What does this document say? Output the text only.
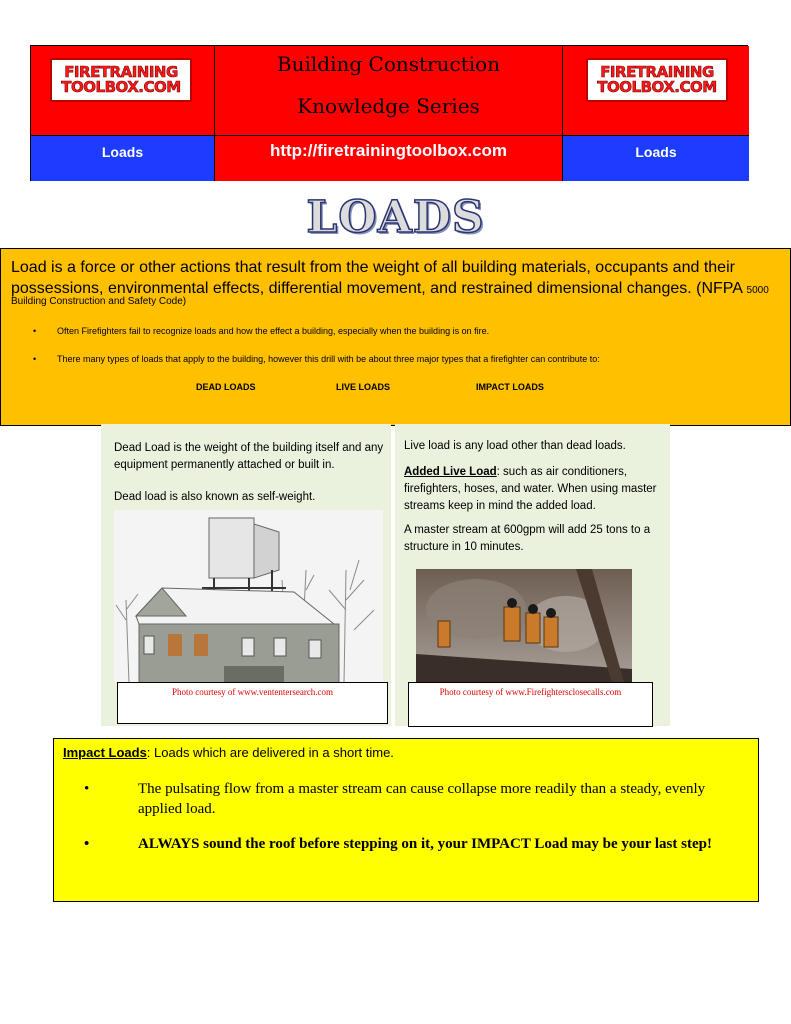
FIRETRAINING
TOOLBOX.COM
Building Construction
Knowledge Series
FIRETRAINING
TOOLBOX.COM
Loads	http://firetrainingtoolbox.com	Loads
LOADS
Load is a force or other actions that result from the weight of all building materials, occupants and their possessions, environmental effects, differential movement, and restrained dimensional changes. (NFPA 5000
Building Construction and Safety Code)
• Often Firefighters fail to recognize loads and how the effect a building, especially when the building is on fire.
• There many types of loads that apply to the building, however this drill with be about three major types that a firefighter can contribute to:
DEAD LOADS	LIVE LOADS	IMPACT LOADS
Dead Load is the weight of the building itself and any equipment permanently attached or built in.
Dead load is also known as self-weight.
Photo courtesy of www.vententersearch.com
Live load is any load other than dead loads.
Added Live Load: such as air conditioners, firefighters, hoses, and water. When using master streams keep in mind the added load.
A master stream at 600gpm will add 25 tons to a structure in 10 minutes.
Photo courtesy of www.Firefighterscloseсalls.com
Impact Loads: Loads which are delivered in a short time.
•	The pulsating flow from a master stream can cause collapse more readily than a steady, evenly applied load.
•	ALWAYS sound the roof before stepping on it, your IMPACT Load may be your last step!
